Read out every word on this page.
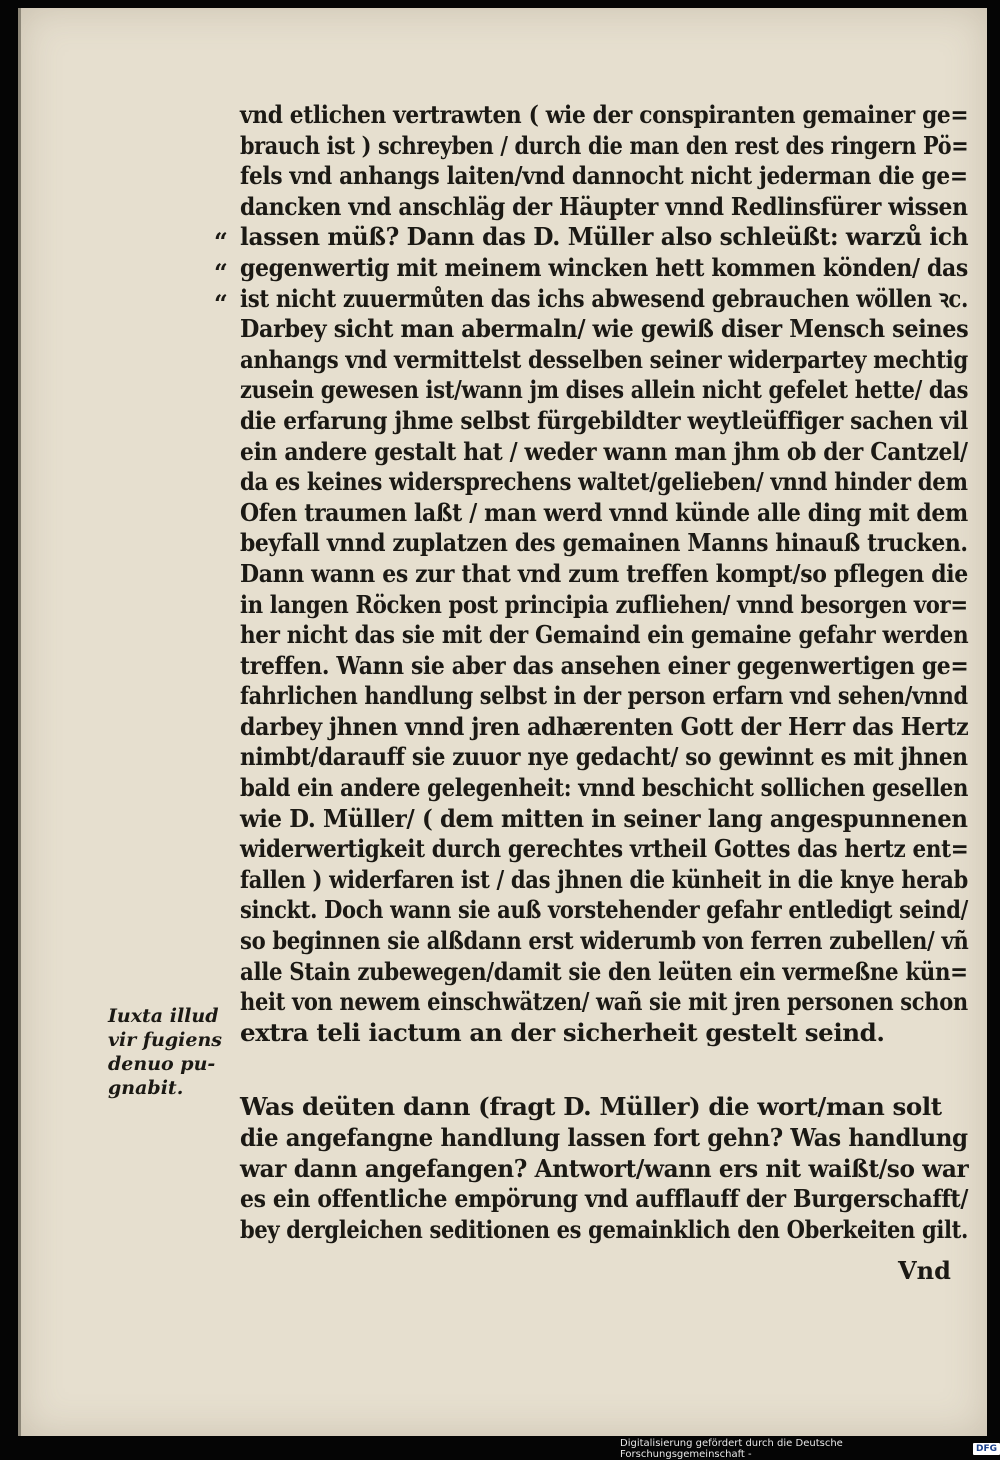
“
“
“
vnd etlichen vertrawten ( wie der conspiranten gemainer ge=
brauch ist ) schreyben / durch die man den rest des ringern Pö=
fels vnd anhangs laiten/vnd dannocht nicht jederman die ge=
dancken vnd anschläg der Häupter vnnd Redlinsfürer wissen
lassen müß? Dann das D. Müller also schleüßt: warzů ich
gegenwertig mit meinem wincken hett kommen könden/ das
ist nicht zuuermůten das ichs abwesend gebrauchen wöllen ꝛc.
Darbey sicht man abermaln/ wie gewiß diser Mensch seines
anhangs vnd vermittelst desselben seiner widerpartey mechtig
zusein gewesen ist/wann jm dises allein nicht gefelet hette/ das
die erfarung jhme selbst fürgebildter weytleüffiger sachen vil
ein andere gestalt hat / weder wann man jhm ob der Cantzel/
da es keines widersprechens waltet/gelieben/ vnnd hinder dem
Ofen traumen laßt / man werd vnnd künde alle ding mit dem
beyfall vnnd zuplatzen des gemainen Manns hinauß trucken.
Dann wann es zur that vnd zum treffen kompt/so pflegen die
in langen Röcken post principia zufliehen/ vnnd besorgen vor=
her nicht das sie mit der Gemaind ein gemaine gefahr werden
treffen. Wann sie aber das ansehen einer gegenwertigen ge=
fahrlichen handlung selbst in der person erfarn vnd sehen/vnnd
darbey jhnen vnnd jren adhærenten Gott der Herr das Hertz
nimbt/darauff sie zuuor nye gedacht/ so gewinnt es mit jhnen
bald ein andere gelegenheit: vnnd beschicht sollichen gesellen
wie D. Müller/ ( dem mitten in seiner lang angespunnenen
widerwertigkeit durch gerechtes vrtheil Gottes das hertz ent=
fallen ) widerfaren ist / das jhnen die künheit in die knye herab
sinckt. Doch wann sie auß vorstehender gefahr entledigt seind/
so beginnen sie alßdann erst widerumb von ferren zubellen/ vñ
alle Stain zubewegen/damit sie den leüten ein vermeßne kün=
heit von newem einschwätzen/ wañ sie mit jren personen schon
extra teli iactum an der sicherheit gestelt seind.
Was deüten dann (fragt D. Müller) die wort/man solt
die angefangne handlung lassen fort gehn? Was handlung
war dann angefangen? Antwort/wann ers nit waißt/so war
es ein offentliche empörung vnd aufflauff der Burgerschafft/
bey dergleichen seditionen es gemainklich den Oberkeiten gilt.
Iuxta illud
vir fugiens
denuo pu-
gnabit.
Vnd
Digitalisierung gefördert durch die Deutsche Forschungsgemeinschaft -	DFG
